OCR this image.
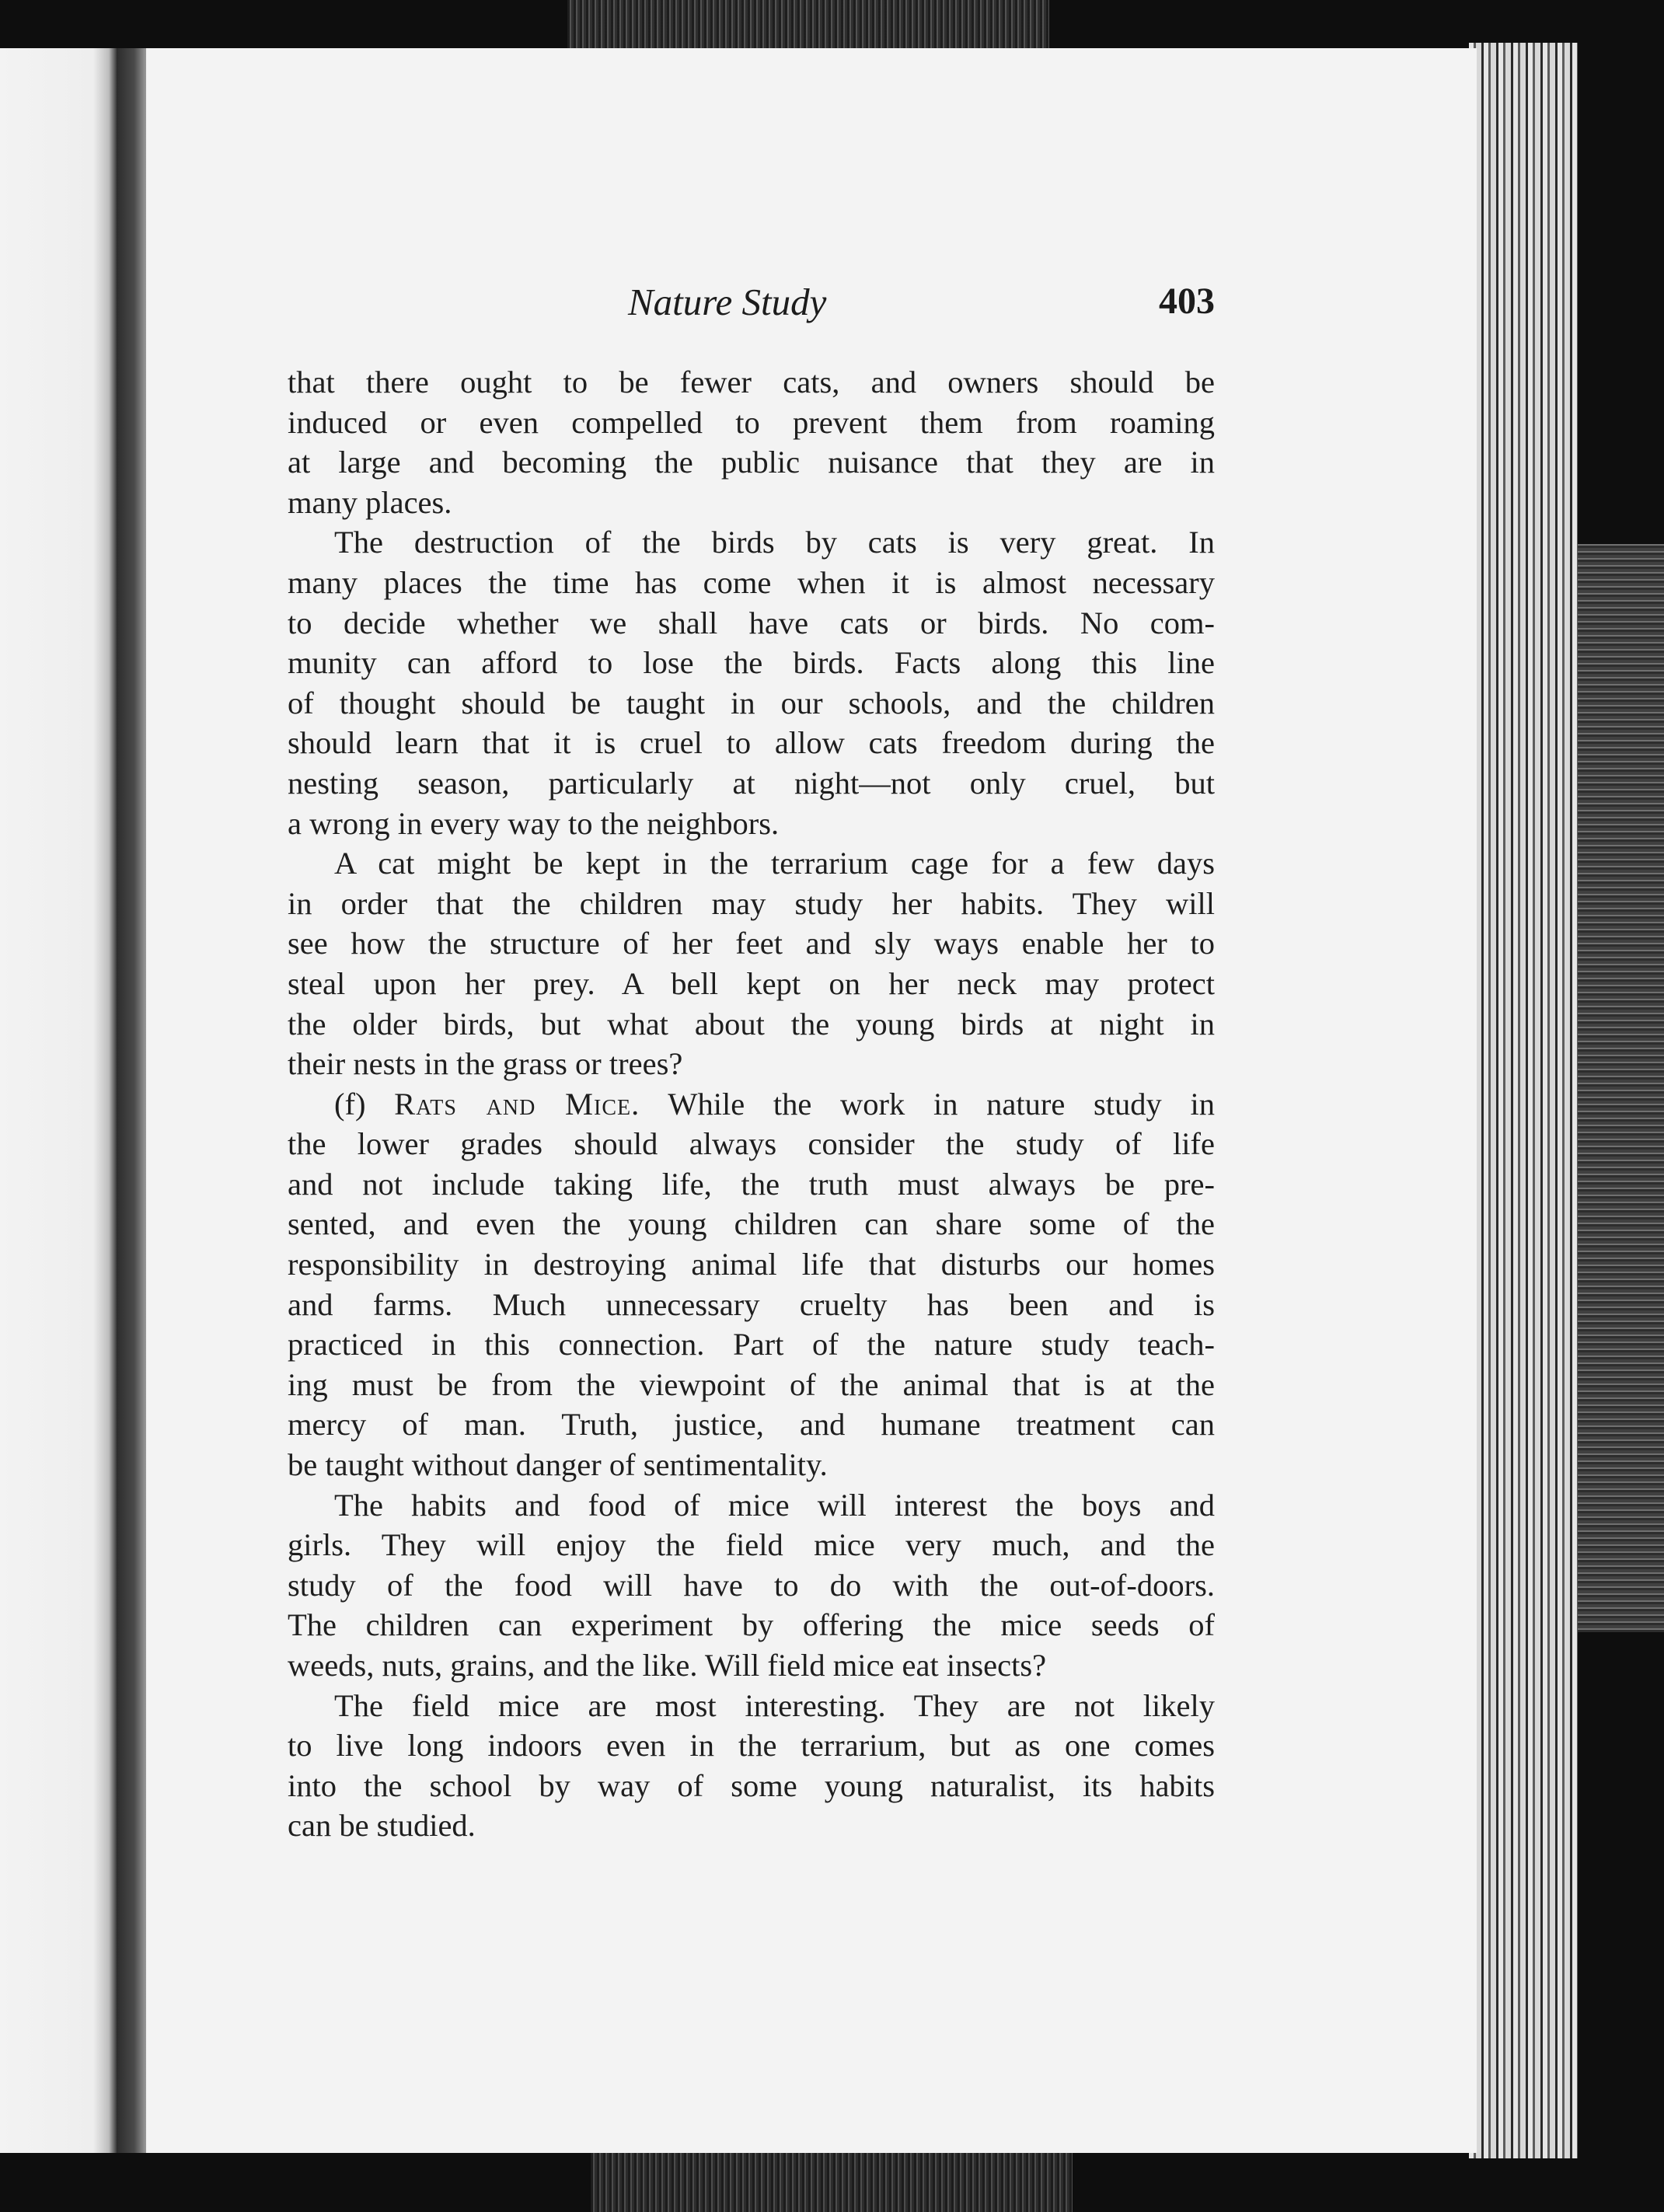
Nature Study	403
that there ought to be fewer cats, and owners should be
induced or even compelled to prevent them from roaming
at large and becoming the public nuisance that they are in
many places.
The destruction of the birds by cats is very great. In
many places the time has come when it is almost necessary
to decide whether we shall have cats or birds. No com-
munity can afford to lose the birds. Facts along this line
of thought should be taught in our schools, and the children
should learn that it is cruel to allow cats freedom during the
nesting season, particularly at night—not only cruel, but
a wrong in every way to the neighbors.
A cat might be kept in the terrarium cage for a few days
in order that the children may study her habits. They will
see how the structure of her feet and sly ways enable her to
steal upon her prey. A bell kept on her neck may protect
the older birds, but what about the young birds at night in
their nests in the grass or trees?
(f) Rats and Mice. While the work in nature study in
the lower grades should always consider the study of life
and not include taking life, the truth must always be pre-
sented, and even the young children can share some of the
responsibility in destroying animal life that disturbs our homes
and farms. Much unnecessary cruelty has been and is
practiced in this connection. Part of the nature study teach-
ing must be from the viewpoint of the animal that is at the
mercy of man. Truth, justice, and humane treatment can
be taught without danger of sentimentality.
The habits and food of mice will interest the boys and
girls. They will enjoy the field mice very much, and the
study of the food will have to do with the out-of-doors.
The children can experiment by offering the mice seeds of
weeds, nuts, grains, and the like. Will field mice eat insects?
The field mice are most interesting. They are not likely
to live long indoors even in the terrarium, but as one comes
into the school by way of some young naturalist, its habits
can be studied.
